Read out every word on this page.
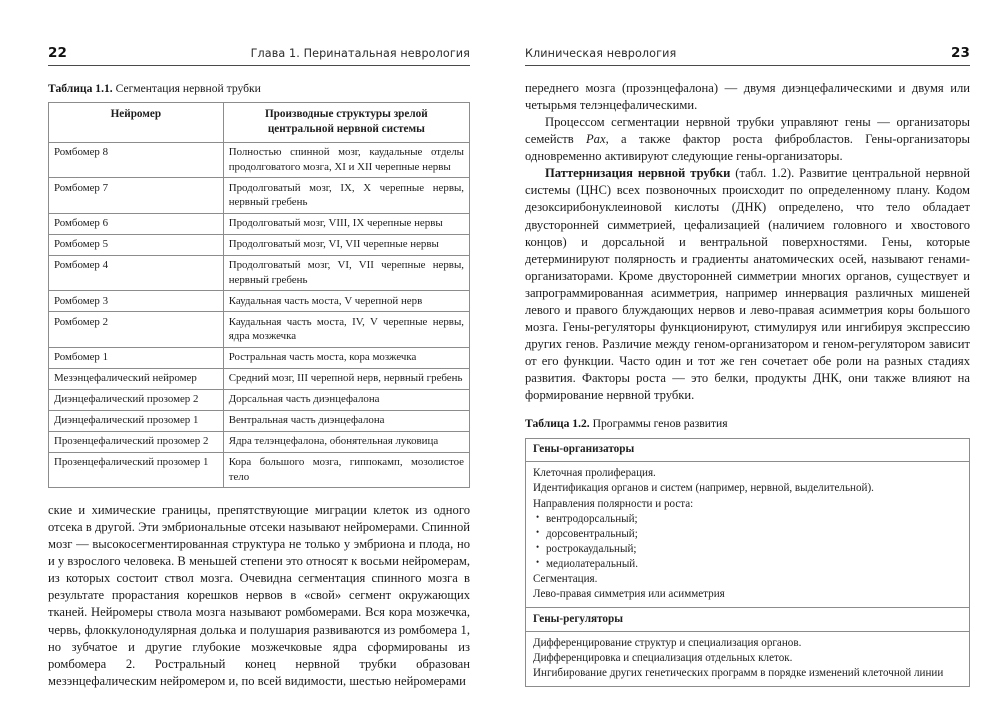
22	Глава 1. Перинатальная неврология
Таблица 1.1. Сегментация нервной трубки
Нейромер	Производные структуры зрелой
центральной нервной системы
Ромбомер 8	Полностью спинной мозг, каудальные отделы продолговатого мозга, XI и XII черепные нервы
Ромбомер 7	Продолговатый мозг, IX, X черепные нервы, нервный гребень
Ромбомер 6	Продолговатый мозг, VIII, IX черепные нервы
Ромбомер 5	Продолговатый мозг, VI, VII черепные нервы
Ромбомер 4	Продолговатый мозг, VI, VII черепные нервы, нервный гребень
Ромбомер 3	Каудальная часть моста, V черепной нерв
Ромбомер 2	Каудальная часть моста, IV, V черепные нервы, ядра мозжечка
Ромбомер 1	Ростральная часть моста, кора мозжечка
Мезэнцефалический нейромер	Средний мозг, III черепной нерв, нервный гребень
Диэнцефалический прозомер 2	Дорсальная часть диэнцефалона
Диэнцефалический прозомер 1	Вентральная часть диэнцефалона
Прозенцефалический прозомер 2	Ядра телэнцефалона, обонятельная луковица
Прозенцефалический прозомер 1	Кора большого мозга, гиппокамп, мозолистое тело

ские и химические границы, препятствующие миграции клеток из одного отсека в другой. Эти эмбриональные отсеки называют нейромерами. Спинной мозг — высокосегментированная структура не только у эмбриона и плода, но и у взрослого человека. В меньшей степени это относят к восьми нейромерам, из которых состоит ствол мозга. Очевидна сегментация спинного мозга в результате прорастания корешков нервов в «свой» сегмент окружающих тканей. Нейромеры ствола мозга называют ромбомерами. Вся кора мозжечка, червь, флоккулонодулярная долька и полушария развиваются из ромбомера 1, но зубчатое и другие глубокие мозжечковые ядра сформированы из ромбомера 2. Ростральный конец нервной трубки образован мезэнцефалическим нейромером и, по всей видимости, шестью нейромерами

Клиническая неврология	23

переднего мозга (прозэнцефалона) — двумя диэнцефалическими и двумя или четырьмя телэнцефалическими.

Процессом сегментации нервной трубки управляют гены — организаторы семейств Pax, а также фактор роста фибробластов. Гены-организаторы одновременно активируют следующие гены-организаторы.

Паттернизация нервной трубки (табл. 1.2). Развитие центральной нервной системы (ЦНС) всех позвоночных происходит по определенному плану. Кодом дезоксирибонуклеиновой кислоты (ДНК) определено, что тело обладает двусторонней симметрией, цефализацией (наличием головного и хвостового концов) и дорсальной и вентральной поверхностями. Гены, которые детерминируют полярность и градиенты анатомических осей, называют генами-организаторами. Кроме двусторонней симметрии многих органов, существует и запрограммированная асимметрия, например иннервация различных мишеней левого и правого блуждающих нервов и лево-правая асимметрия коры большого мозга. Гены-регуляторы функционируют, стимулируя или ингибируя экспрессию других генов. Различие между геном-организатором и геном-регулятором зависит от его функции. Часто один и тот же ген сочетает обе роли на разных стадиях развития. Факторы роста — это белки, продукты ДНК, они также влияют на формирование нервной трубки.

Таблица 1.2. Программы генов развития
Гены-организаторы
Клеточная пролиферация.
Идентификация органов и систем (например, нервной, выделительной).
Направления полярности и роста:
• вентродорсальный;
• дорсовентральный;
• рострокаудальный;
• медиолатеральный.
Сегментация.
Лево-правая симметрия или асимметрия
Гены-регуляторы
Дифференцирование структур и специализация органов.
Дифференцировка и специализация отдельных клеток.
Ингибирование других генетических программ в порядке изменений клеточной линии
